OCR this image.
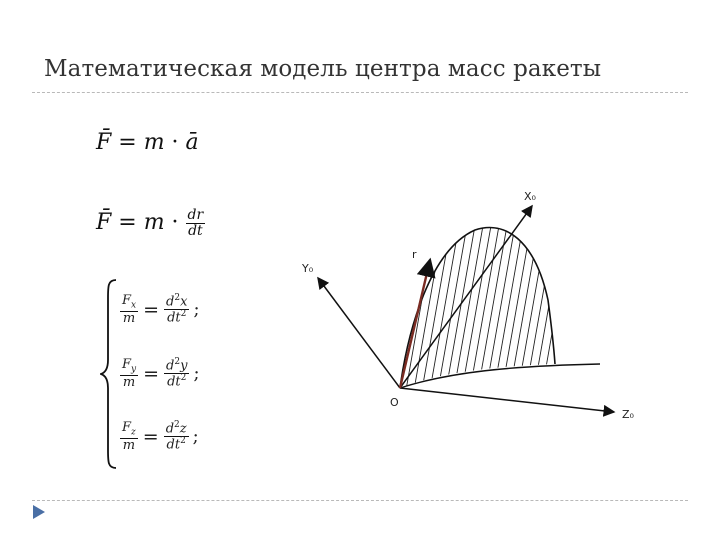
Математическая модель центра масс ракеты
F̄ = m · ā
F̄ = $m \cdot \frac{dr}{dt}$
$\frac{F_x}{m} = \frac{d^2x}{dt^2}$ ;
$\frac{F_y}{m} = \frac{d^2y}{dt^2}$ ;
$\frac{F_z}{m} = \frac{d^2z}{dt^2}$ ;
X₀
Y₀
Z₀
O
r
